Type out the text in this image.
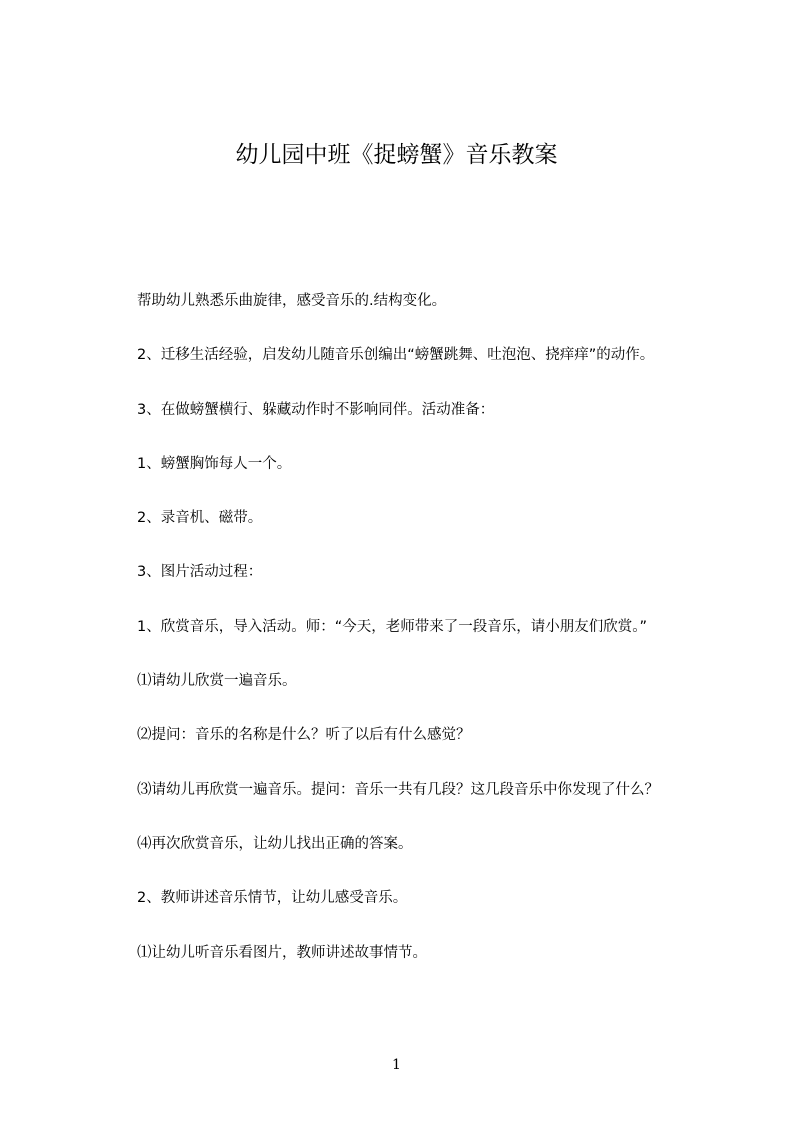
幼儿园中班《捉螃蟹》音乐教案

帮助幼儿熟悉乐曲旋律，感受音乐的.结构变化。

2、迁移生活经验，启发幼儿随音乐创编出“螃蟹跳舞、吐泡泡、挠痒痒”的动作。

3、在做螃蟹横行、躲藏动作时不影响同伴。活动准备：

1、螃蟹胸饰每人一个。

2、录音机、磁带。

3、图片活动过程：

1、欣赏音乐，导入活动。师：“今天，老师带来了一段音乐，请小朋友们欣赏。”

⑴请幼儿欣赏一遍音乐。

⑵提问：音乐的名称是什么？听了以后有什么感觉？

⑶请幼儿再欣赏一遍音乐。提问：音乐一共有几段？这几段音乐中你发现了什么？

⑷再次欣赏音乐，让幼儿找出正确的答案。

2、教师讲述音乐情节，让幼儿感受音乐。

⑴让幼儿听音乐看图片，教师讲述故事情节。

1
